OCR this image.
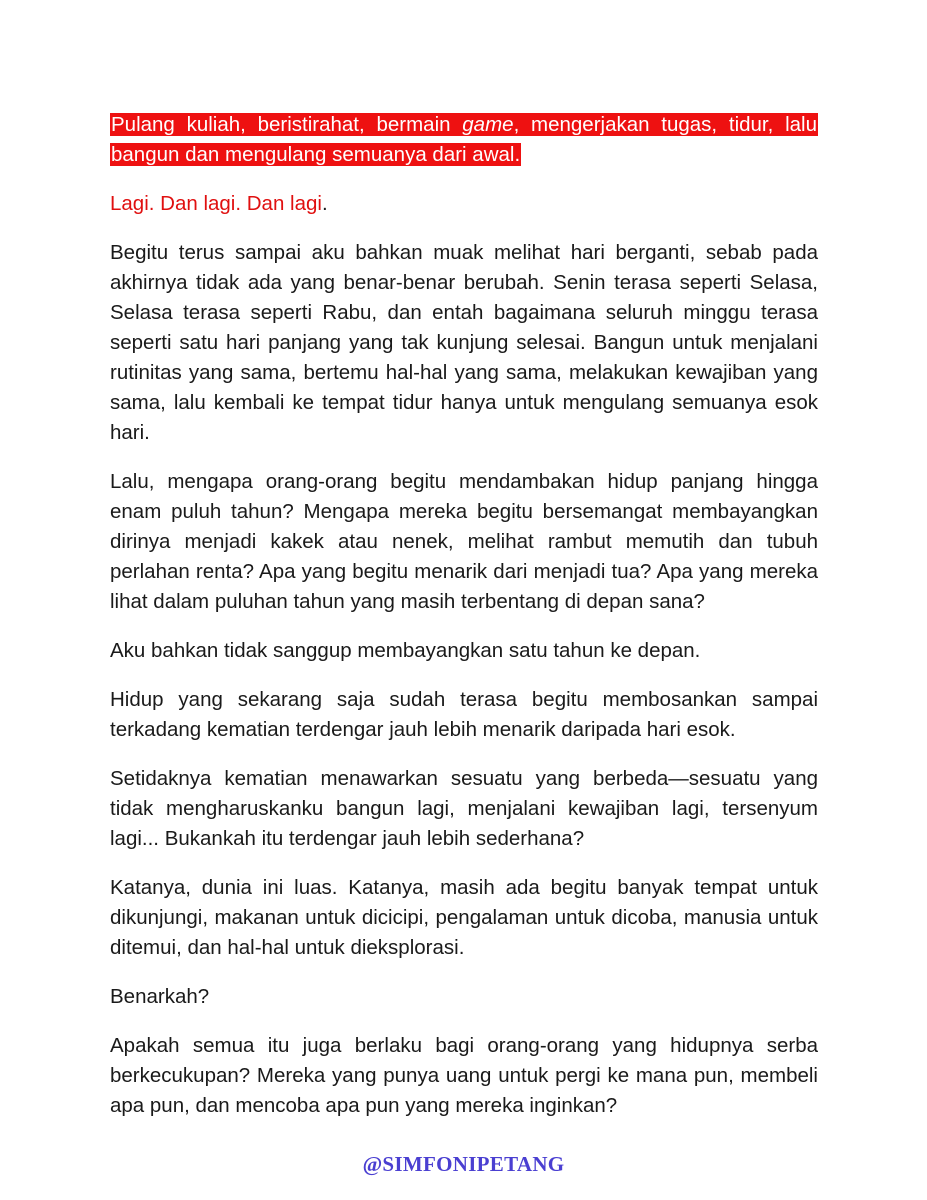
Pulang kuliah, beristirahat, bermain game, mengerjakan tugas, tidur, lalu bangun dan mengulang semuanya dari awal.

Lagi. Dan lagi. Dan lagi.

Begitu terus sampai aku bahkan muak melihat hari berganti, sebab pada akhirnya tidak ada yang benar-benar berubah. Senin terasa seperti Selasa, Selasa terasa seperti Rabu, dan entah bagaimana seluruh minggu terasa seperti satu hari panjang yang tak kunjung selesai. Bangun untuk menjalani rutinitas yang sama, bertemu hal-hal yang sama, melakukan kewajiban yang sama, lalu kembali ke tempat tidur hanya untuk mengulang semuanya esok hari.

Lalu, mengapa orang-orang begitu mendambakan hidup panjang hingga enam puluh tahun? Mengapa mereka begitu bersemangat membayangkan dirinya menjadi kakek atau nenek, melihat rambut memutih dan tubuh perlahan renta? Apa yang begitu menarik dari menjadi tua? Apa yang mereka lihat dalam puluhan tahun yang masih terbentang di depan sana?

Aku bahkan tidak sanggup membayangkan satu tahun ke depan.

Hidup yang sekarang saja sudah terasa begitu membosankan sampai terkadang kematian terdengar jauh lebih menarik daripada hari esok.

Setidaknya kematian menawarkan sesuatu yang berbeda—sesuatu yang tidak mengharuskanku bangun lagi, menjalani kewajiban lagi, tersenyum lagi... Bukankah itu terdengar jauh lebih sederhana?

Katanya, dunia ini luas. Katanya, masih ada begitu banyak tempat untuk dikunjungi, makanan untuk dicicipi, pengalaman untuk dicoba, manusia untuk ditemui, dan hal-hal untuk dieksplorasi.

Benarkah?

Apakah semua itu juga berlaku bagi orang-orang yang hidupnya serba berkecukupan? Mereka yang punya uang untuk pergi ke mana pun, membeli apa pun, dan mencoba apa pun yang mereka inginkan?

@SIMFONIPETANG
